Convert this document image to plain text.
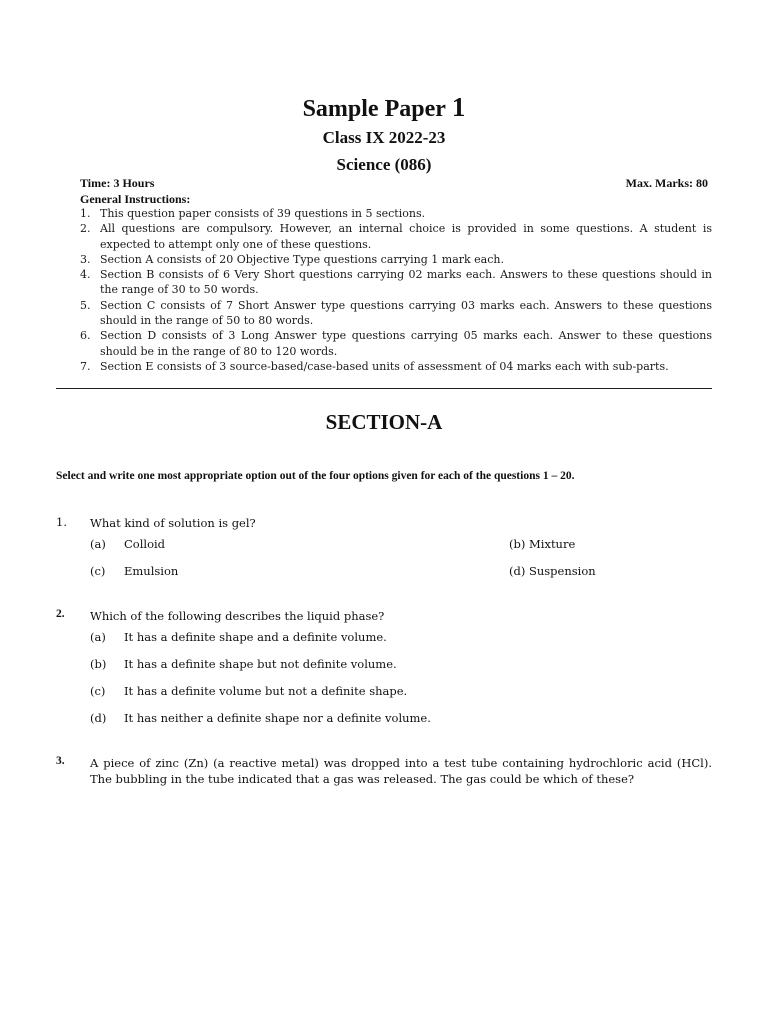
Sample Paper 1
Class IX 2022-23
Science (086)
Time: 3 Hours	Max. Marks: 80
General Instructions:
1. This question paper consists of 39 questions in 5 sections.
2. All questions are compulsory. However, an internal choice is provided in some questions. A student is expected to attempt only one of these questions.
3. Section A consists of 20 Objective Type questions carrying 1 mark each.
4. Section B consists of 6 Very Short questions carrying 02 marks each. Answers to these questions should in the range of 30 to 50 words.
5. Section C consists of 7 Short Answer type questions carrying 03 marks each. Answers to these questions should in the range of 50 to 80 words.
6. Section D consists of 3 Long Answer type questions carrying 05 marks each. Answer to these questions should be in the range of 80 to 120 words.
7. Section E consists of 3 source-based/case-based units of assessment of 04 marks each with sub-parts.
SECTION-A
Select and write one most appropriate option out of the four options given for each of the questions 1 – 20.
1. What kind of solution is gel?
(a) Colloid	(b) Mixture
(c) Emulsion	(d) Suspension
2. Which of the following describes the liquid phase?
(a) It has a definite shape and a definite volume.
(b) It has a definite shape but not definite volume.
(c) It has a definite volume but not a definite shape.
(d) It has neither a definite shape nor a definite volume.
3. A piece of zinc (Zn) (a reactive metal) was dropped into a test tube containing hydrochloric acid (HCl). The bubbling in the tube indicated that a gas was released. The gas could be which of these?
